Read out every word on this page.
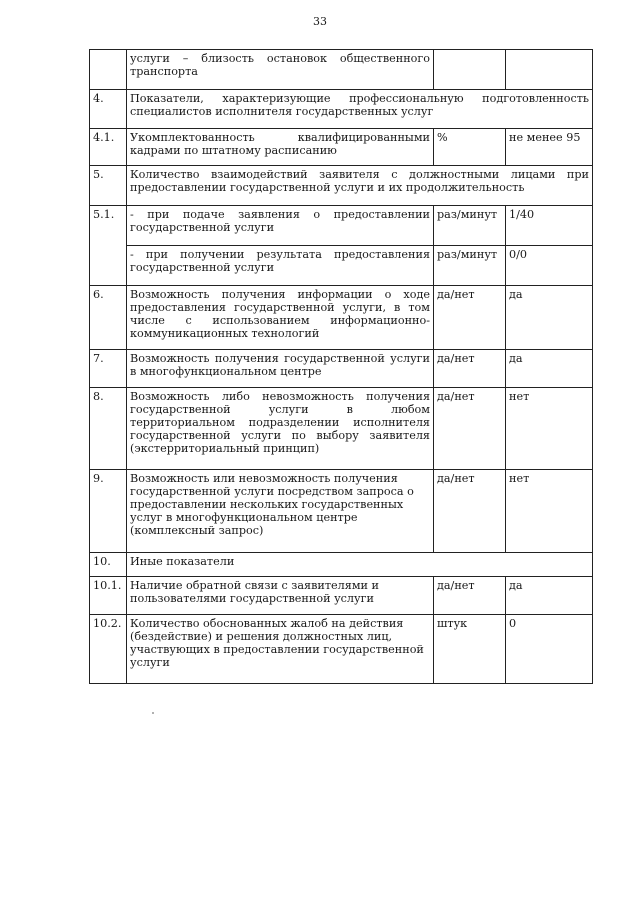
33
	услуги – близость остановок общественного транспорта		
4.	Показатели, характеризующие профессиональную подготовленность специалистов исполнителя государственных услуг		
4.1.	Укомплектованность квалифицированными кадрами по штатному расписанию	%	не менее 95
5.	Количество взаимодействий заявителя с должностными лицами при предоставлении государственной услуги и их продолжительность		
5.1.	- при подаче заявления о предоставлении государственной услуги	раз/минут	1/40
	- при получении результата предоставления государственной услуги	раз/минут	0/0
6.	Возможность получения информации о ходе предоставления государственной услуги, в том числе с использованием информационно-коммуникационных технологий	да/нет	да
7.	Возможность получения государственной услуги в многофункциональном центре	да/нет	да
8.	Возможность либо невозможность получения государственной услуги в любом территориальном подразделении исполнителя государственной услуги по выбору заявителя (экстерриториальный принцип)	да/нет	нет
9.	Возможность или невозможность получения государственной услуги посредством запроса о предоставлении нескольких государственных услуг в многофункциональном центре (комплексный запрос)	да/нет	нет
10.	Иные показатели		
10.1.	Наличие обратной связи с заявителями и пользователями государственной услуги	да/нет	да
10.2.	Количество обоснованных жалоб на действия (бездействие) и решения должностных лиц, участвующих в предоставлении государственной услуги	штук	0
